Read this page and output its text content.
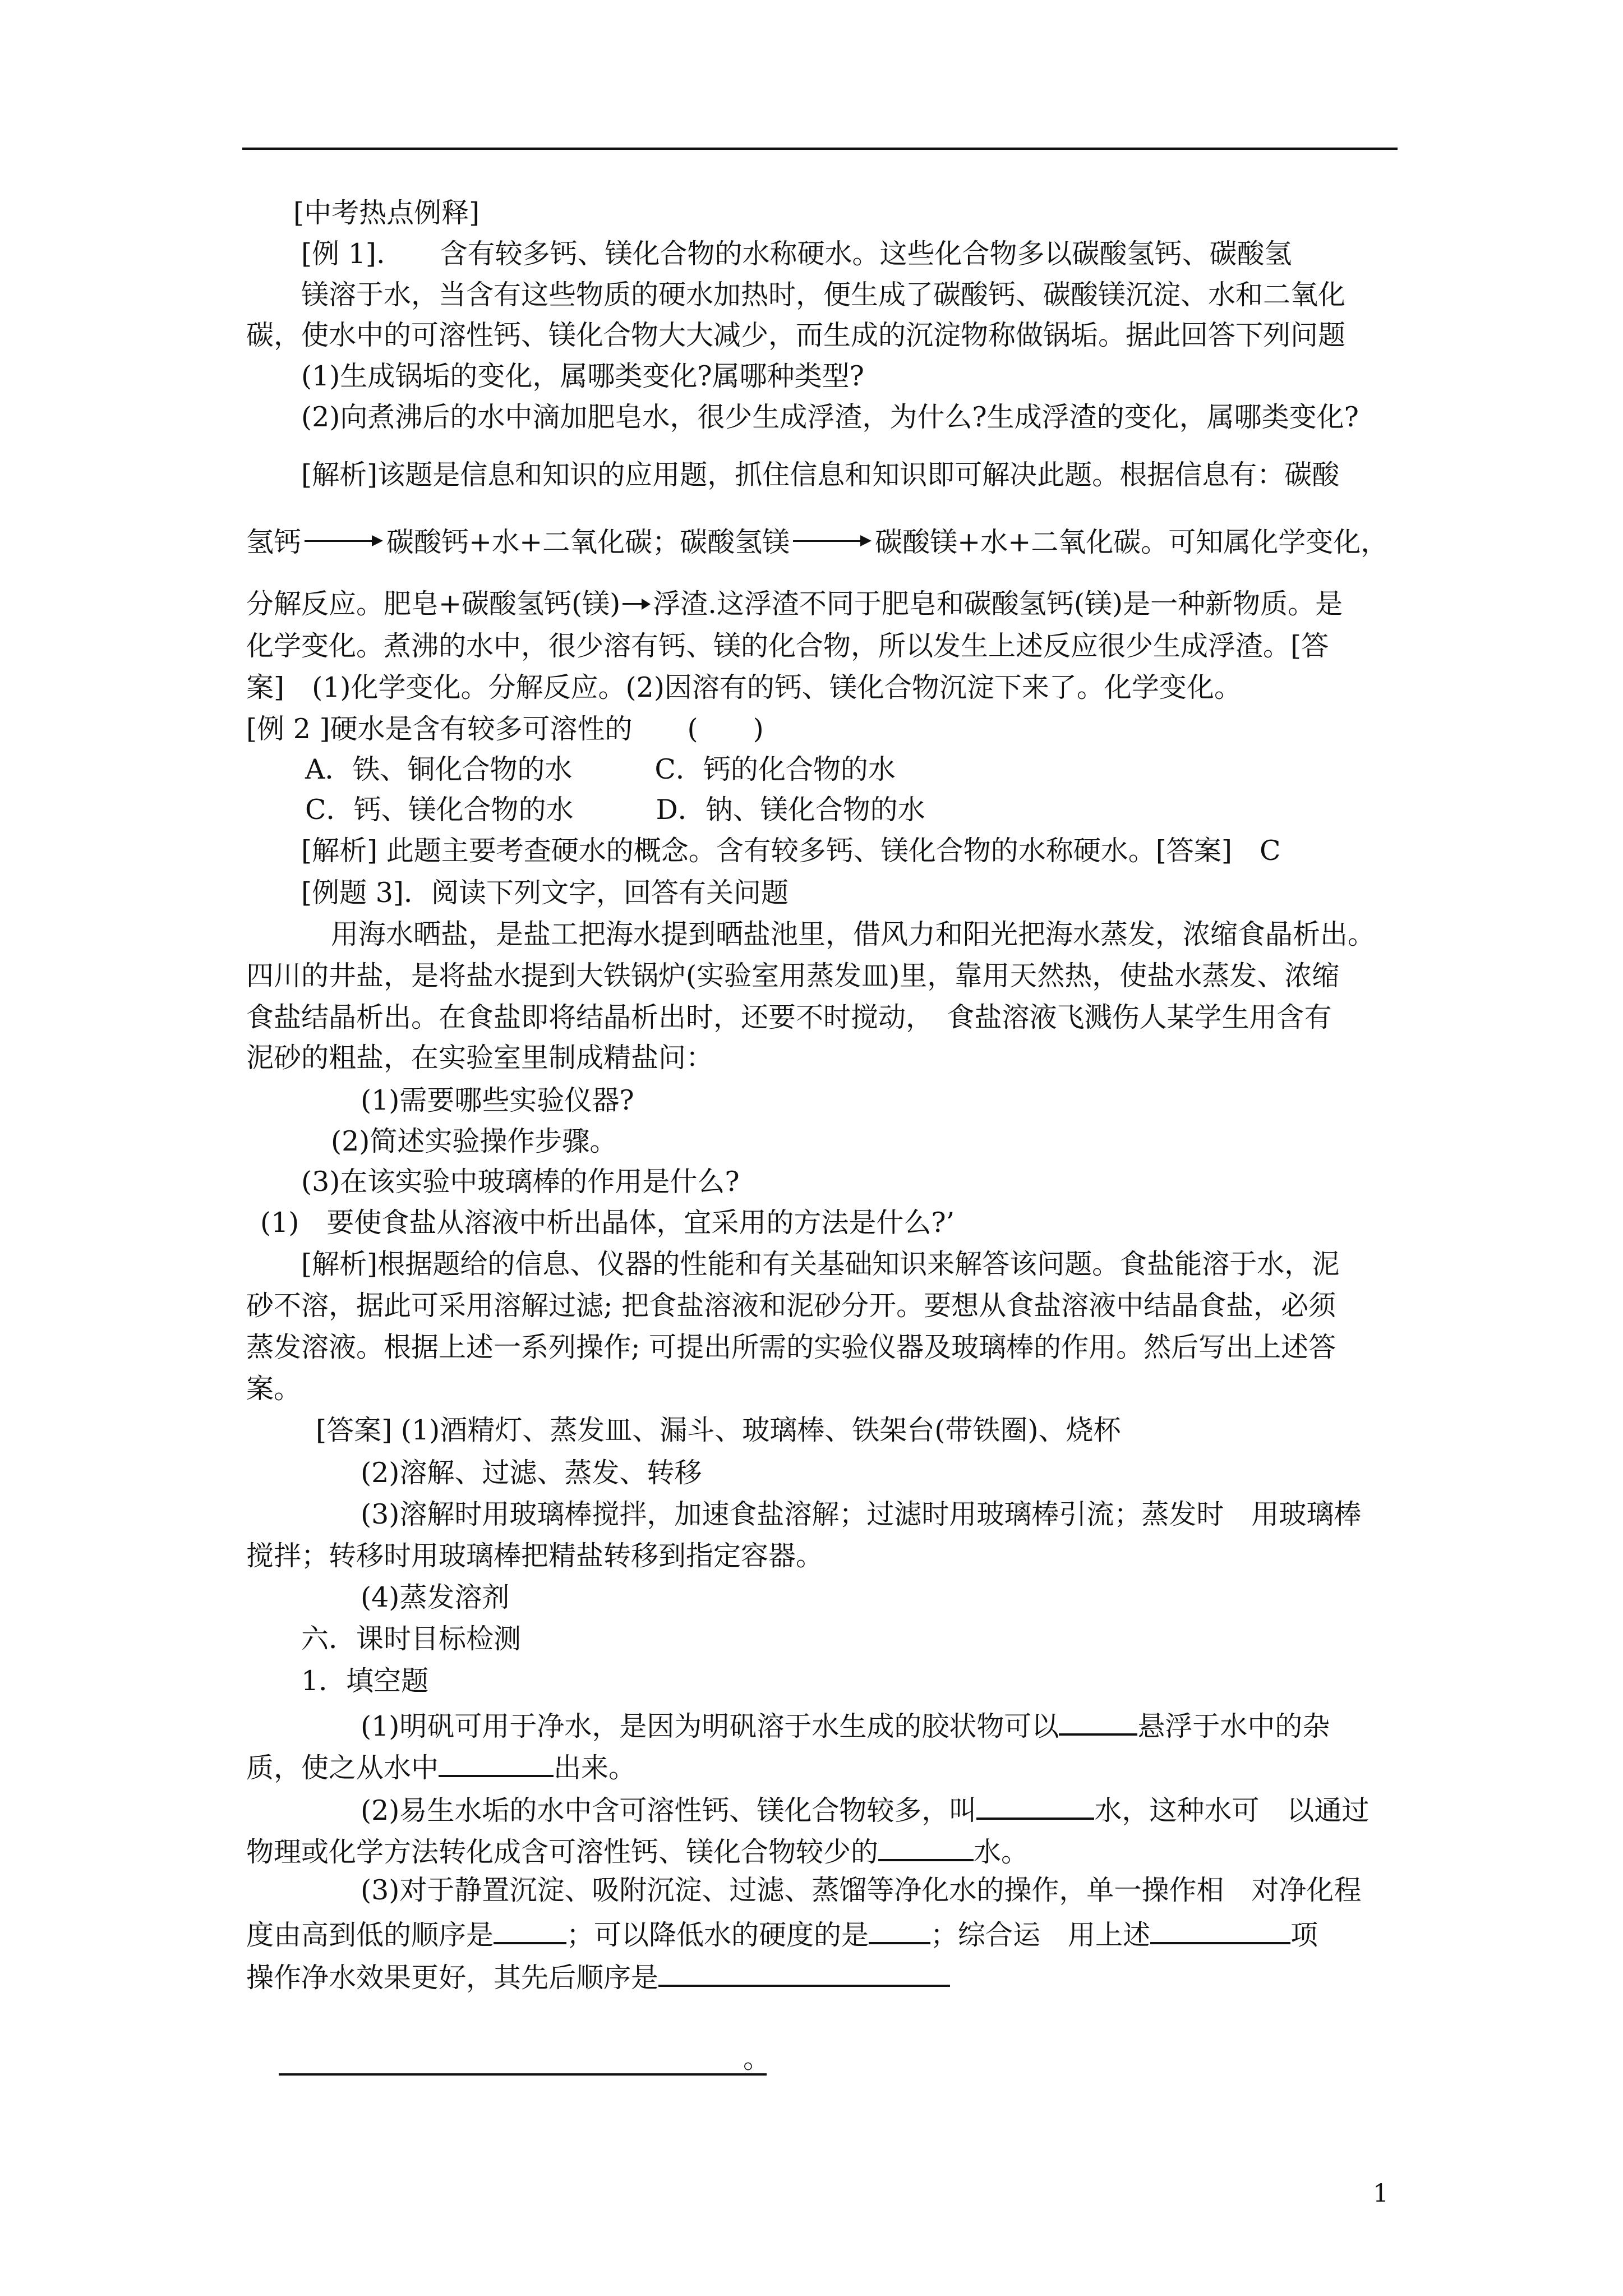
[中考热点例释]
[例 1].　　含有较多钙、镁化合物的水称硬水。这些化合物多以碳酸氢钙、碳酸氢
镁溶于水，当含有这些物质的硬水加热时，便生成了碳酸钙、碳酸镁沉淀、水和二氧化
碳，使水中的可溶性钙、镁化合物大大减少，而生成的沉淀物称做锅垢。据此回答下列问题
(1)生成锅垢的变化，属哪类变化?属哪种类型?
(2)向煮沸后的水中滴加肥皂水，很少生成浮渣，为什么?生成浮渣的变化，属哪类变化?
[解析]该题是信息和知识的应用题，抓住信息和知识即可解决此题。根据信息有：碳酸
氢钙	碳酸钙+水+二氧化碳；碳酸氢镁	碳酸镁+水+二氧化碳。可知属化学变化，
分解反应。肥皂+碳酸氢钙(镁) 浮渣.这浮渣不同于肥皂和碳酸氢钙(镁)是一种新物质。是
化学变化。煮沸的水中，很少溶有钙、镁的化合物，所以发生上述反应很少生成浮渣。[答
案]　(1)化学变化。分解反应。(2)因溶有的钙、镁化合物沉淀下来了。化学变化。
[例 2 ]硬水是含有较多可溶性的　　(　　)
A．铁、铜化合物的水　　　C．钙的化合物的水
C．钙、镁化合物的水　　　D．钠、镁化合物的水
[解析] 此题主要考查硬水的概念。含有较多钙、镁化合物的水称硬水。[答案]　C
[例题 3]．阅读下列文字，回答有关问题
用海水晒盐，是盐工把海水提到晒盐池里，借风力和阳光把海水蒸发，浓缩食晶析出。
四川的井盐，是将盐水提到大铁锅炉(实验室用蒸发皿)里，靠用天然热，使盐水蒸发、浓缩
食盐结晶析出。在食盐即将结晶析出时，还要不时搅动，　食盐溶液飞溅伤人某学生用含有
泥砂的粗盐，在实验室里制成精盐问：
(1)需要哪些实验仪器?
(2)简述实验操作步骤。
(3)在该实验中玻璃棒的作用是什么?
(1)　要使食盐从溶液中析出晶体，宜采用的方法是什么?’
[解析]根据题给的信息、仪器的性能和有关基础知识来解答该问题。食盐能溶于水，泥
砂不溶，据此可采用溶解过滤; 把食盐溶液和泥砂分开。要想从食盐溶液中结晶食盐，必须
蒸发溶液。根据上述一系列操作; 可提出所需的实验仪器及玻璃棒的作用。然后写出上述答
案。
[答案] (1)酒精灯、蒸发皿、漏斗、玻璃棒、铁架台(带铁圈)、烧杯
(2)溶解、过滤、蒸发、转移
(3)溶解时用玻璃棒搅拌，加速食盐溶解；过滤时用玻璃棒引流；蒸发时　用玻璃棒
搅拌；转移时用玻璃棒把精盐转移到指定容器。
(4)蒸发溶剂
六．课时目标检测
1．填空题
(1)明矾可用于净水，是因为明矾溶于水生成的胶状物可以	悬浮于水中的杂
质，使之从水中	出来。
(2)易生水垢的水中含可溶性钙、镁化合物较多，叫	水，这种水可　以通过
物理或化学方法转化成含可溶性钙、镁化合物较少的	水。
(3)对于静置沉淀、吸附沉淀、过滤、蒸馏等净化水的操作，单一操作相　对净化程
度由高到低的顺序是	；可以降低水的硬度的是 ；综合运　用上述	项
操作净水效果更好，其先后顺序是
。
1
